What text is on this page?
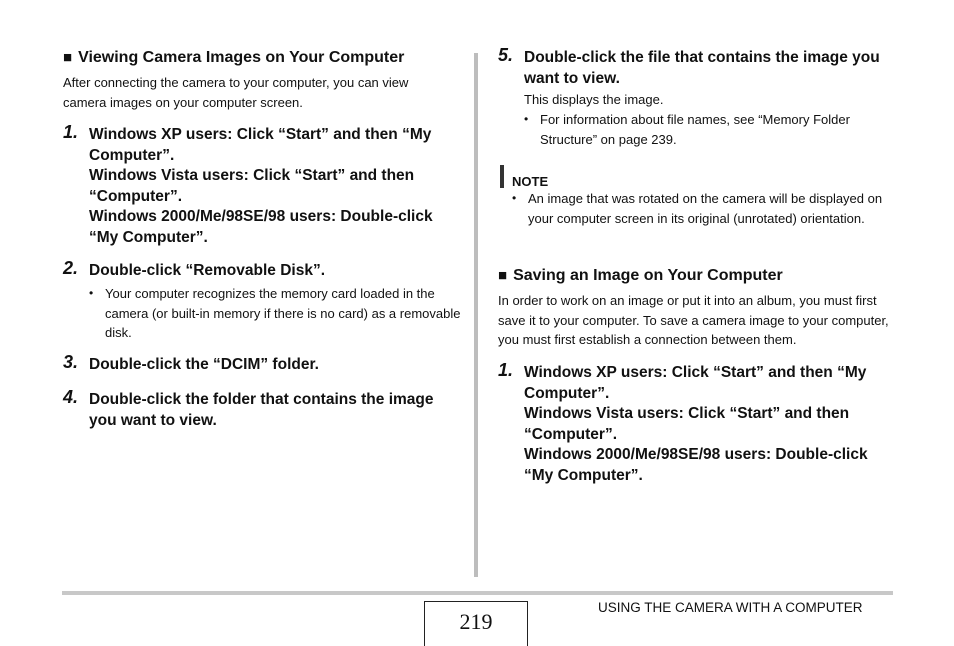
■ Viewing Camera Images on Your Computer
After connecting the camera to your computer, you can view camera images on your computer screen.
1. Windows XP users: Click “Start” and then “My Computer”.
Windows Vista users: Click “Start” and then “Computer”.
Windows 2000/Me/98SE/98 users: Double-click “My Computer”.
2. Double-click “Removable Disk”.
• Your computer recognizes the memory card loaded in the camera (or built-in memory if there is no card) as a removable disk.
3. Double-click the “DCIM” folder.
4. Double-click the folder that contains the image you want to view.
5. Double-click the file that contains the image you want to view.
This displays the image.
• For information about file names, see “Memory Folder Structure” on page 239.
NOTE
• An image that was rotated on the camera will be displayed on your computer screen in its original (unrotated) orientation.
■ Saving an Image on Your Computer
In order to work on an image or put it into an album, you must first save it to your computer. To save a camera image to your computer, you must first establish a connection between them.
1. Windows XP users: Click “Start” and then “My Computer”.
Windows Vista users: Click “Start” and then “Computer”.
Windows 2000/Me/98SE/98 users: Double-click “My Computer”.
219
USING THE CAMERA WITH A COMPUTER
